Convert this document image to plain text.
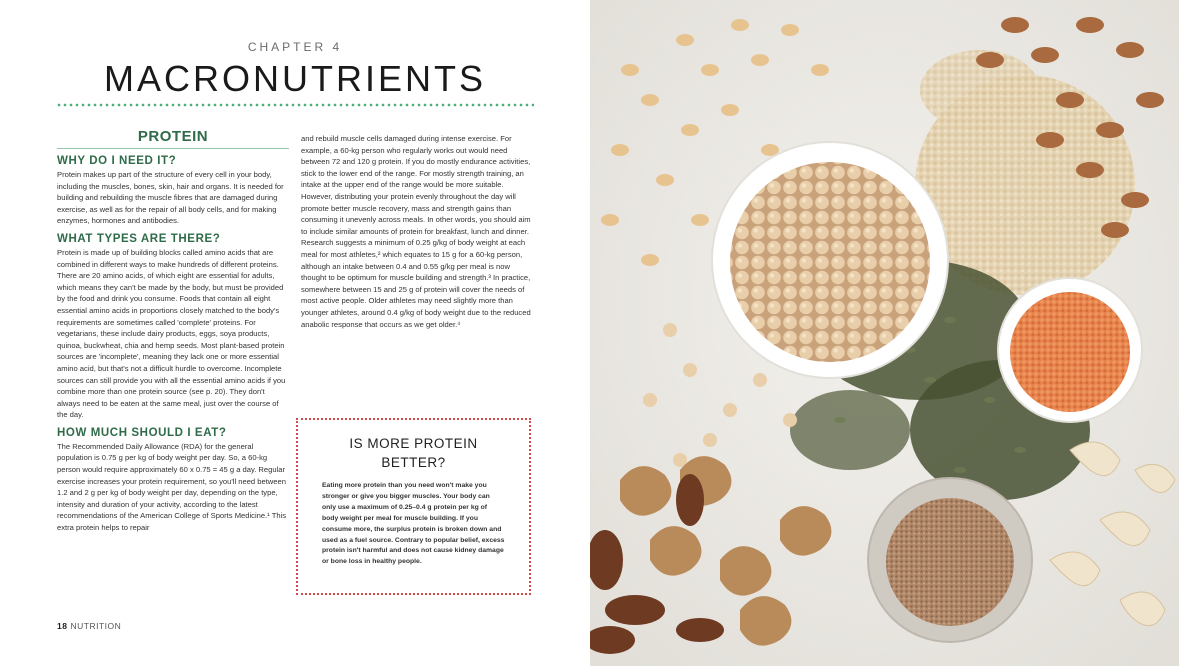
CHAPTER 4
MACRONUTRIENTS
PROTEIN
WHY DO I NEED IT?

Protein makes up part of the structure of every cell in your body, including the muscles, bones, skin, hair and organs. It is needed for building and rebuilding the muscle fibres that are damaged during exercise, as well as for the repair of all body cells, and for making enzymes, hormones and antibodies.

WHAT TYPES ARE THERE?

Protein is made up of building blocks called amino acids that are combined in different ways to make hundreds of different proteins. There are 20 amino acids, of which eight are essential for adults, which means they can't be made by the body, but must be provided by the food and drink you consume. Foods that contain all eight essential amino acids in proportions closely matched to the body's requirements are sometimes called 'complete' proteins. For vegetarians, these include dairy products, eggs, soya products, quinoa, buckwheat, chia and hemp seeds. Most plant-based protein sources are 'incomplete', meaning they lack one or more essential amino acid, but that's not a difficult hurdle to overcome. Incomplete sources can still provide you with all the essential amino acids if you combine more than one protein source (see p. 20). They don't always need to be eaten at the same meal, just over the course of the day.

HOW MUCH SHOULD I EAT?

The Recommended Daily Allowance (RDA) for the general population is 0.75 g per kg of body weight per day. So, a 60-kg person would require approximately 60 x 0.75 = 45 g a day. Regular exercise increases your protein requirement, so you'll need between 1.2 and 2 g per kg of body weight per day, depending on the type, intensity and duration of your activity, according to the latest recommendations of the American College of Sports Medicine.¹ This extra protein helps to repair

and rebuild muscle cells damaged during intense exercise. For example, a 60-kg person who regularly works out would need between 72 and 120 g protein. If you do mostly endurance activities, stick to the lower end of the range. For mostly strength training, an intake at the upper end of the range would be more suitable. However, distributing your protein evenly throughout the day will promote better muscle recovery, mass and strength gains than consuming it unevenly across meals. In other words, you should aim to include similar amounts of protein for breakfast, lunch and dinner. Research suggests a minimum of 0.25 g/kg of body weight at each meal for most athletes,² which equates to 15 g for a 60-kg person, although an intake between 0.4 and 0.55 g/kg per meal is now thought to be optimum for muscle building and strength.³ In practice, somewhere between 15 and 25 g of protein will cover the needs of most active people. Older athletes may need slightly more than younger athletes, around 0.4 g/kg of body weight due to the reduced anabolic response that occurs as we get older.⁴

IS MORE PROTEIN BETTER?
Eating more protein than you need won't make you stronger or give you bigger muscles. Your body can only use a maximum of 0.25–0.4 g protein per kg of body weight per meal for muscle building. If you consume more, the surplus protein is broken down and used as a fuel source. Contrary to popular belief, excess protein isn't harmful and does not cause kidney damage or bone loss in healthy people.
18 NUTRITION
